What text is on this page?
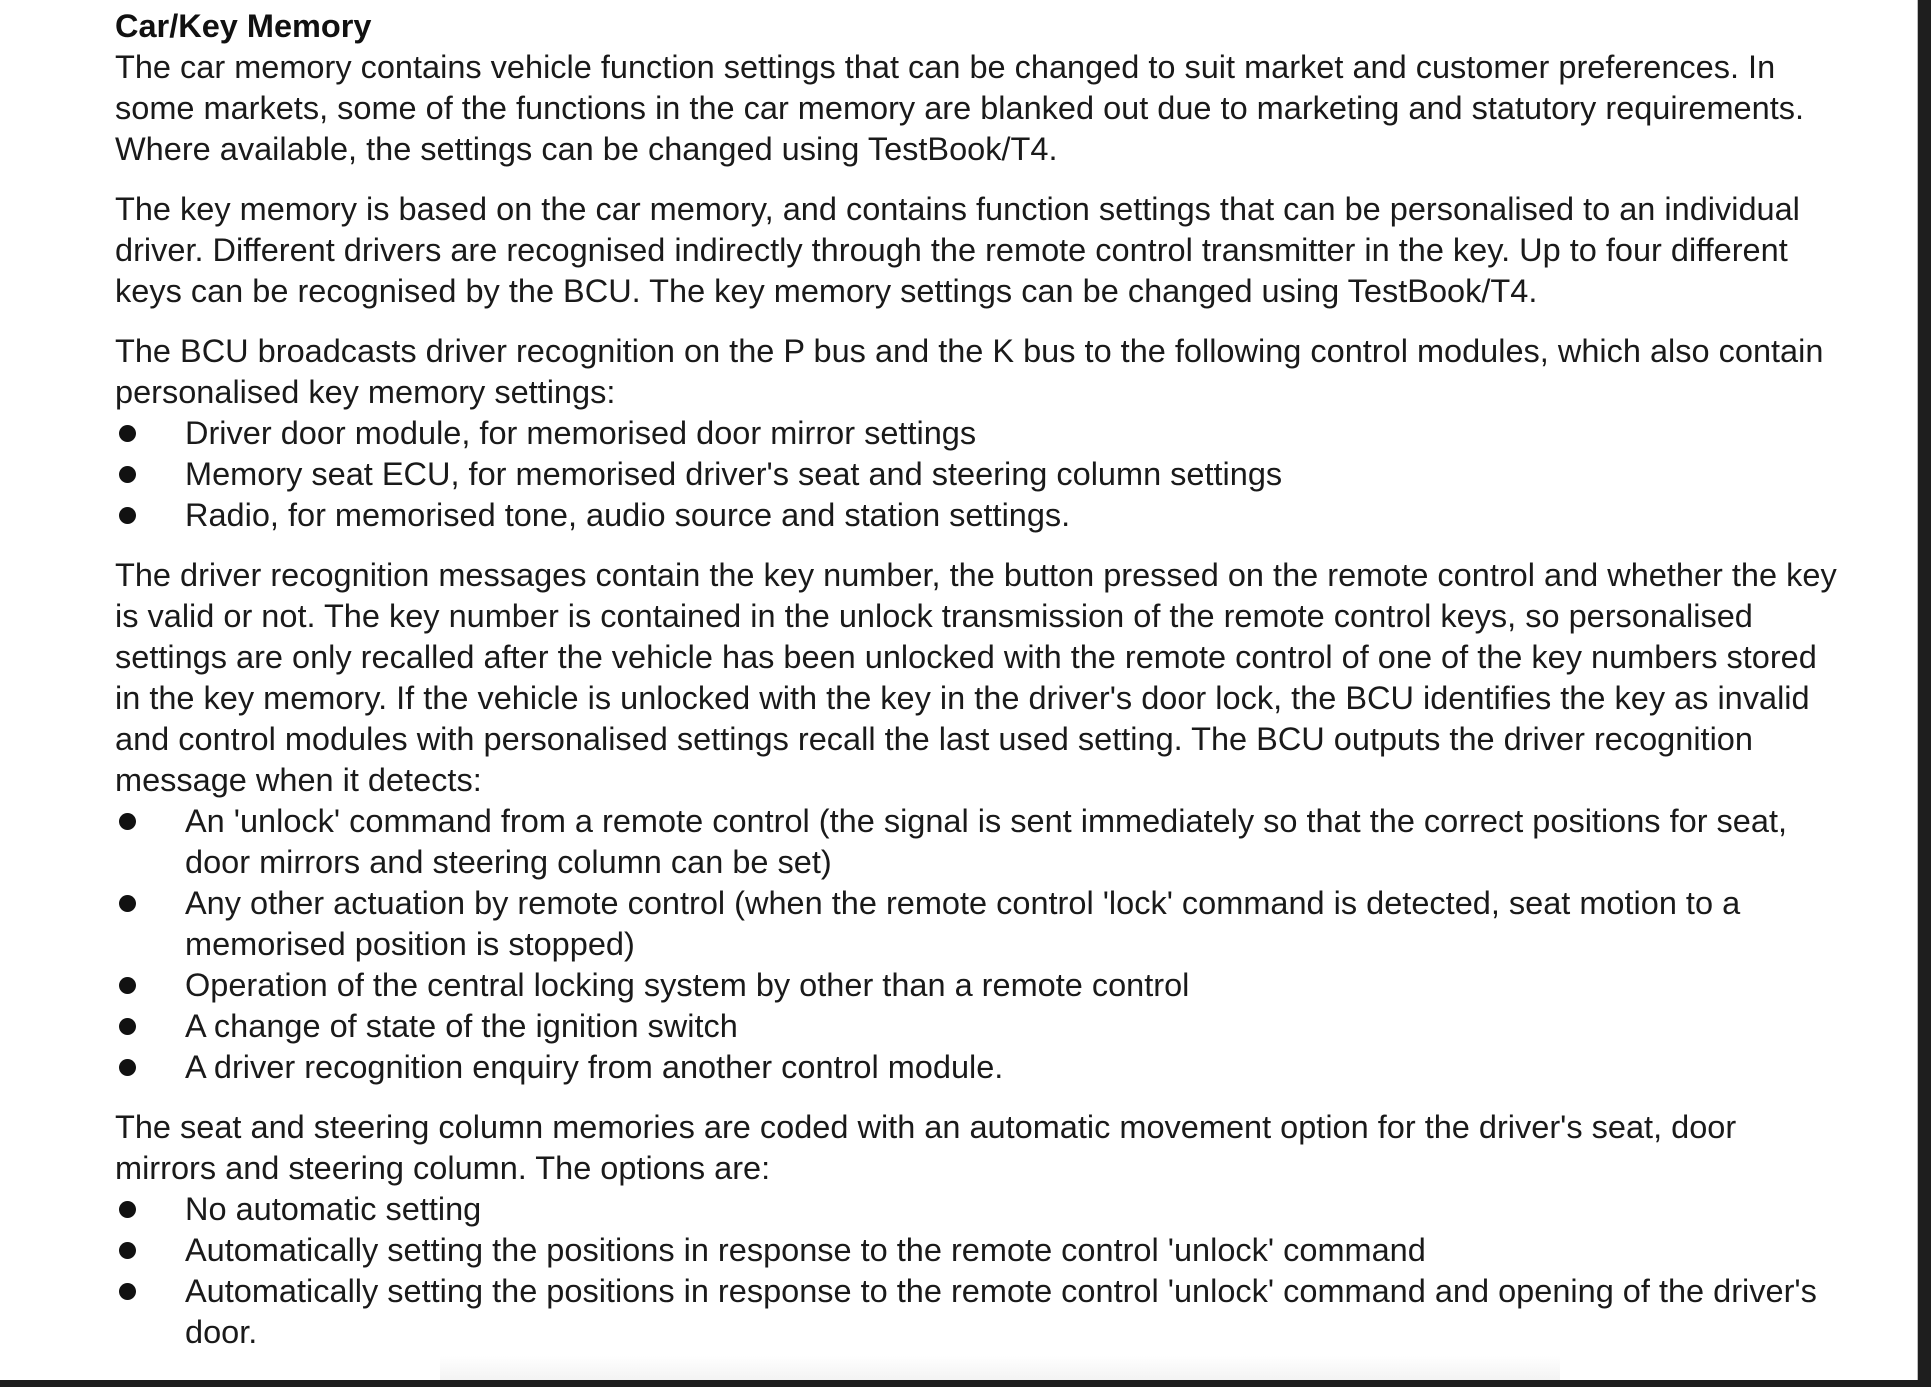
Car/Key Memory

The car memory contains vehicle function settings that can be changed to suit market and customer preferences. In some markets, some of the functions in the car memory are blanked out due to marketing and statutory requirements. Where available, the settings can be changed using TestBook/T4.

The key memory is based on the car memory, and contains function settings that can be personalised to an individual driver. Different drivers are recognised indirectly through the remote control transmitter in the key. Up to four different keys can be recognised by the BCU. The key memory settings can be changed using TestBook/T4.

The BCU broadcasts driver recognition on the P bus and the K bus to the following control modules, which also contain personalised key memory settings:

Driver door module, for memorised door mirror settings
Memory seat ECU, for memorised driver's seat and steering column settings
Radio, for memorised tone, audio source and station settings.

The driver recognition messages contain the key number, the button pressed on the remote control and whether the key is valid or not. The key number is contained in the unlock transmission of the remote control keys, so personalised settings are only recalled after the vehicle has been unlocked with the remote control of one of the key numbers stored in the key memory. If the vehicle is unlocked with the key in the driver's door lock, the BCU identifies the key as invalid and control modules with personalised settings recall the last used setting. The BCU outputs the driver recognition message when it detects:

An 'unlock' command from a remote control (the signal is sent immediately so that the correct positions for seat, door mirrors and steering column can be set)
Any other actuation by remote control (when the remote control 'lock' command is detected, seat motion to a memorised position is stopped)
Operation of the central locking system by other than a remote control
A change of state of the ignition switch
A driver recognition enquiry from another control module.

The seat and steering column memories are coded with an automatic movement option for the driver's seat, door mirrors and steering column. The options are:

No automatic setting
Automatically setting the positions in response to the remote control 'unlock' command
Automatically setting the positions in response to the remote control 'unlock' command and opening of the driver's door.
